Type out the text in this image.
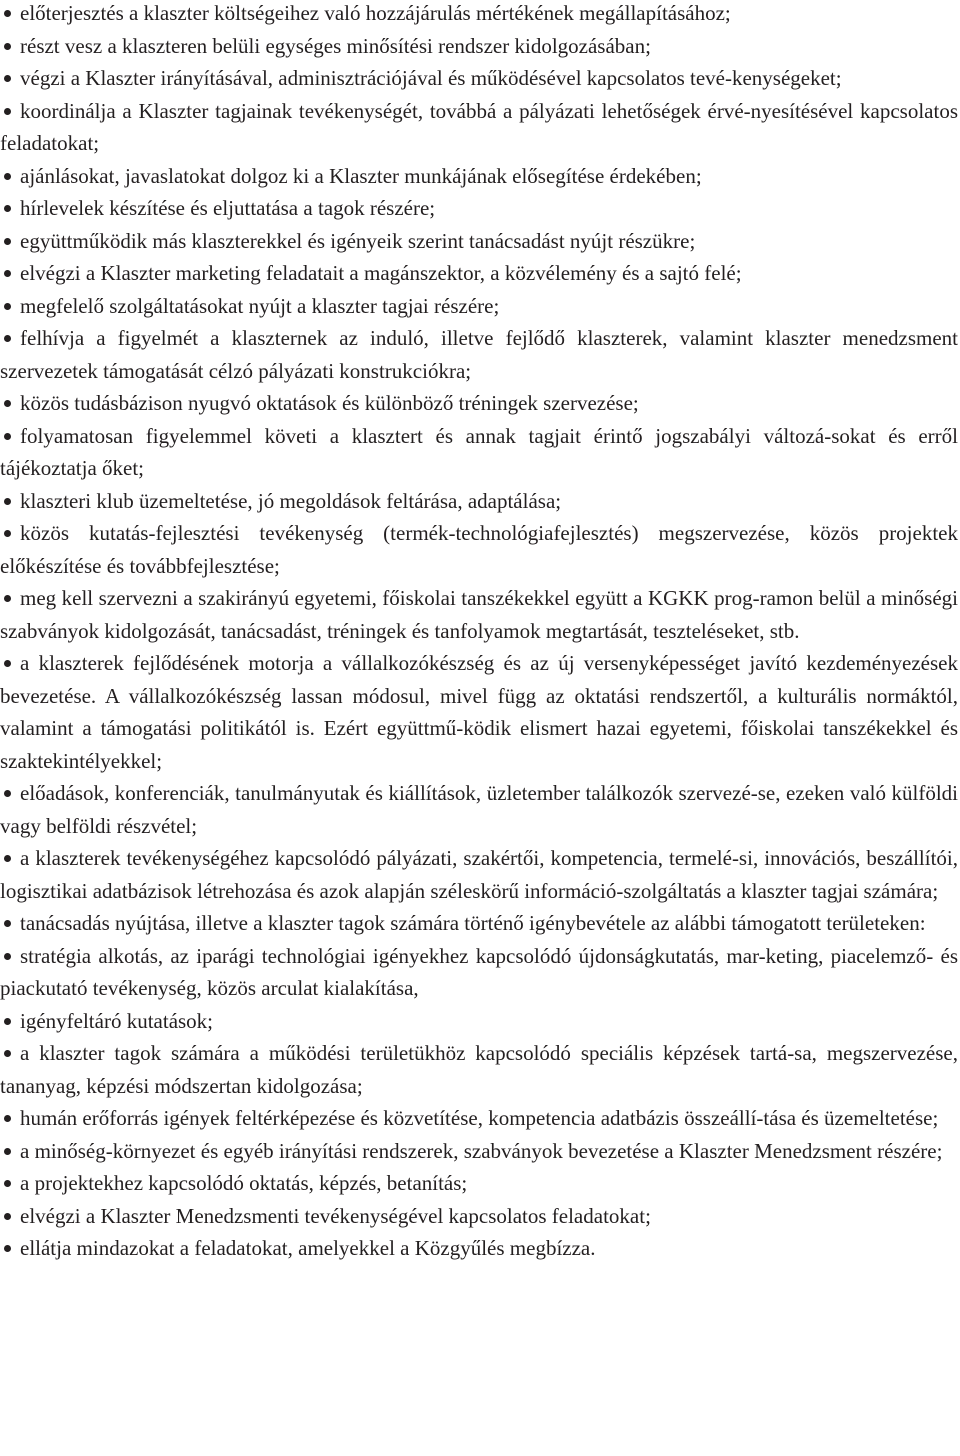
előterjesztés a klaszter költségeihez való hozzájárulás mértékének megállapításához;
részt vesz a klaszteren belüli egységes minősítési rendszer kidolgozásában;
végzi a Klaszter irányításával, adminisztrációjával és működésével kapcsolatos tevé-kenységeket;
koordinálja a Klaszter tagjainak tevékenységét, továbbá a pályázati lehetőségek érvé-nyesítésével kapcsolatos feladatokat;
ajánlásokat, javaslatokat dolgoz ki a Klaszter munkájának elősegítése érdekében;
hírlevelek készítése és eljuttatása a tagok részére;
együttműködik más klaszterekkel és igényeik szerint tanácsadást nyújt részükre;
elvégzi a Klaszter marketing feladatait a magánszektor, a közvélemény és a sajtó felé;
megfelelő szolgáltatásokat nyújt a klaszter tagjai részére;
felhívja a figyelmét a klaszternek az induló, illetve fejlődő klaszterek, valamint klaszter menedzsment szervezetek támogatását célzó pályázati konstrukciókra;
közös tudásbázison nyugvó oktatások és különböző tréningek szervezése;
folyamatosan figyelemmel követi a klasztert és annak tagjait érintő jogszabályi változá-sokat és erről tájékoztatja őket;
klaszteri klub üzemeltetése, jó megoldások feltárása, adaptálása;
közös kutatás-fejlesztési tevékenység (termék-technológiafejlesztés) megszervezése, közös projektek előkészítése és továbbfejlesztése;
meg kell szervezni a szakirányú egyetemi, főiskolai tanszékekkel együtt a KGKK prog-ramon belül a minőségi szabványok kidolgozását, tanácsadást, tréningek és tanfolyamok megtartását, teszteléseket, stb.
a klaszterek fejlődésének motorja a vállalkozókészség és az új versenyképességet javító kezdeményezések bevezetése. A vállalkozókészség lassan módosul, mivel függ az oktatási rendszertől, a kulturális normáktól, valamint a támogatási politikától is. Ezért együttmű-ködik elismert hazai egyetemi, főiskolai tanszékekkel és szaktekintélyekkel;
előadások, konferenciák, tanulmányutak és kiállítások, üzletember találkozók szervezé-se, ezeken való külföldi vagy belföldi részvétel;
a klaszterek tevékenységéhez kapcsolódó pályázati, szakértői, kompetencia, termelé-si, innovációs, beszállítói, logisztikai adatbázisok létrehozása és azok alapján széleskörű információ-szolgáltatás a klaszter tagjai számára;
tanácsadás nyújtása, illetve a klaszter tagok számára történő igénybevétele az alábbi támogatott területeken:
stratégia alkotás, az iparági technológiai igényekhez kapcsolódó újdonságkutatás, mar-keting, piacelemző- és piackutató tevékenység, közös arculat kialakítása,
igényfeltáró kutatások;
a klaszter tagok számára a működési területükhöz kapcsolódó speciális képzések tartá-sa, megszervezése, tananyag, képzési módszertan kidolgozása;
humán erőforrás igények feltérképezése és közvetítése, kompetencia adatbázis összeállí-tása és üzemeltetése;
a minőség-környezet és egyéb irányítási rendszerek, szabványok bevezetése a Klaszter Menedzsment részére;
a projektekhez kapcsolódó oktatás, képzés, betanítás;
elvégzi a Klaszter Menedzsmenti tevékenységével kapcsolatos feladatokat;
ellátja mindazokat a feladatokat, amelyekkel a Közgyűlés megbízza.
